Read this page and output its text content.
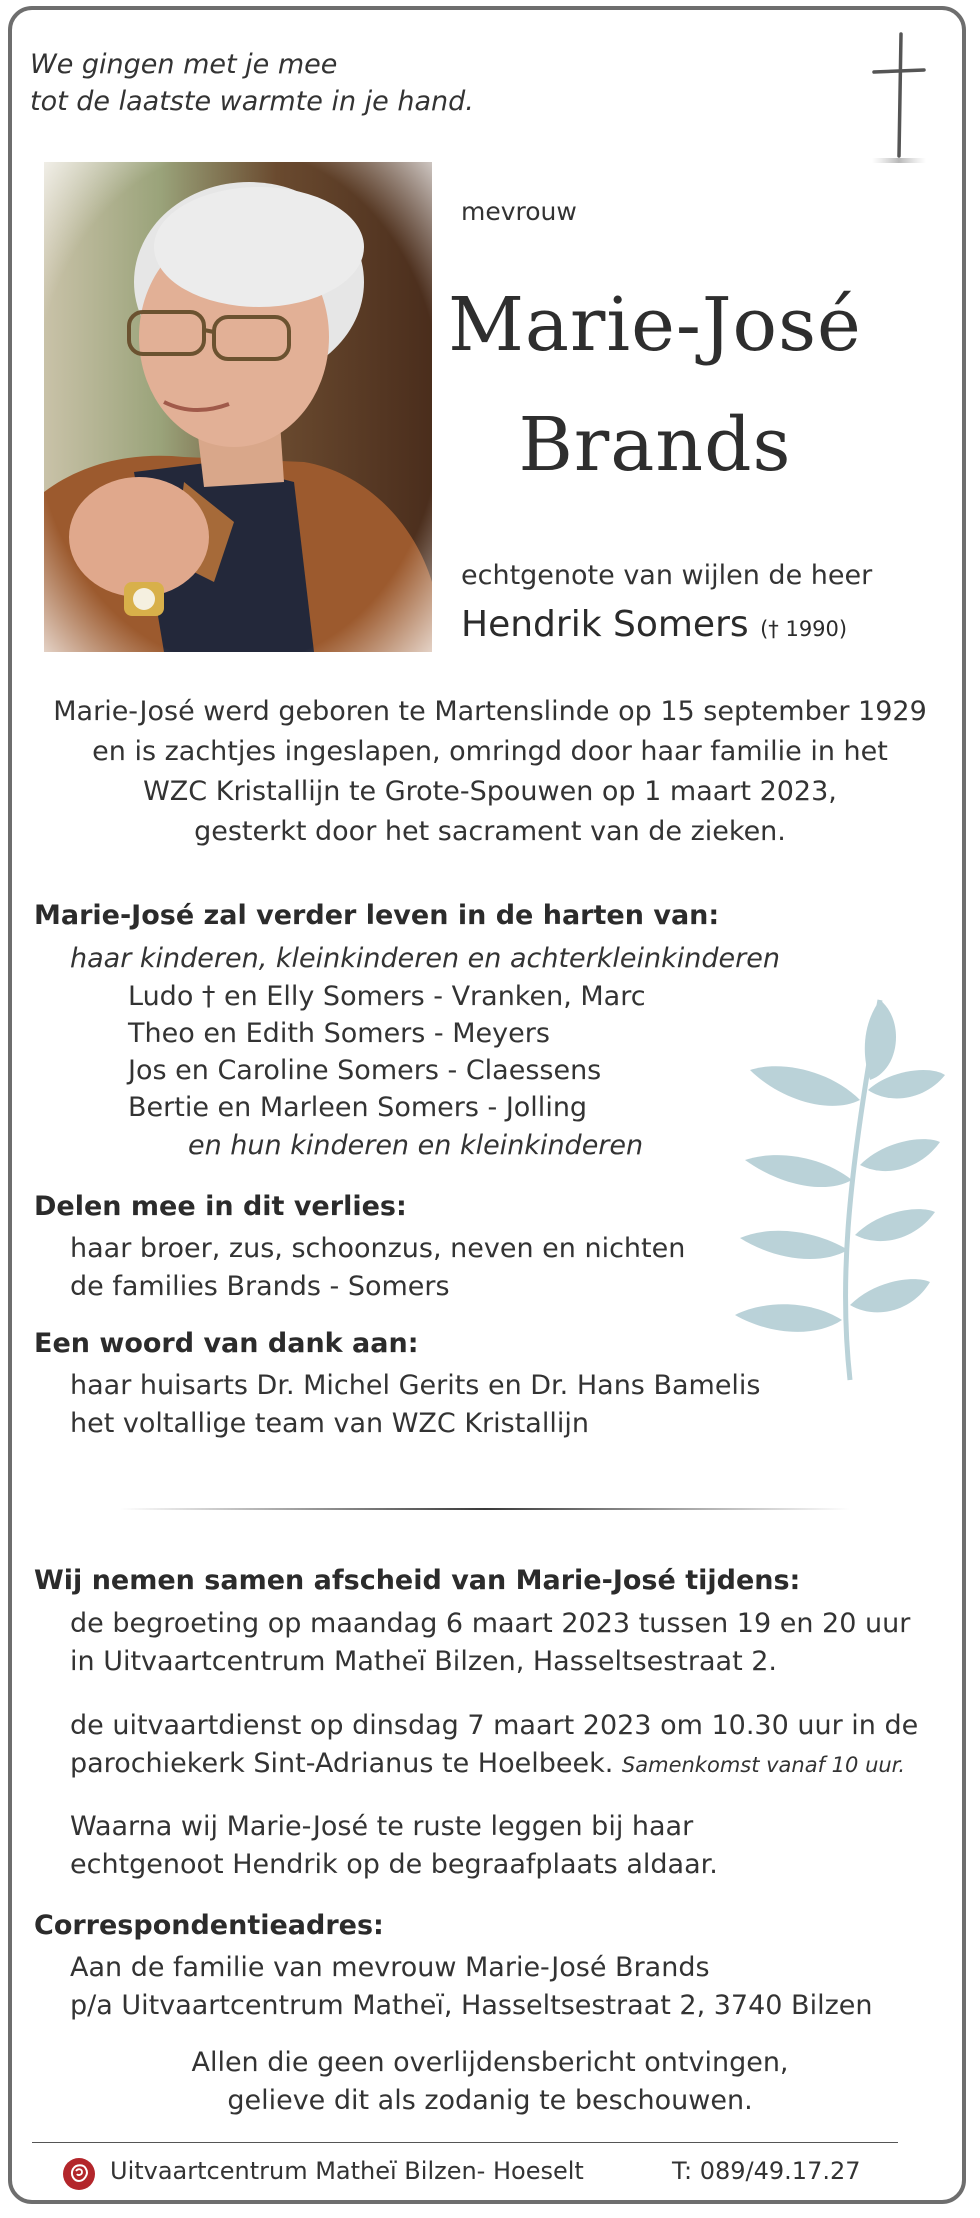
We gingen met je mee
tot de laatste warmte in je hand.
mevrouw
Marie-José
Brands
echtgenote van wijlen de heer
Hendrik Somers († 1990)
Marie-José werd geboren te Martenslinde op 15 september 1929
en is zachtjes ingeslapen, omringd door haar familie in het
WZC Kristallijn te Grote-Spouwen op 1 maart 2023,
gesterkt door het sacrament van de zieken.
Marie-José zal verder leven in de harten van:
haar kinderen, kleinkinderen en achterkleinkinderen
Ludo † en Elly Somers - Vranken, Marc
Theo en Edith Somers - Meyers
Jos en Caroline Somers - Claessens
Bertie en Marleen Somers - Jolling
en hun kinderen en kleinkinderen
Delen mee in dit verlies:
haar broer, zus, schoonzus, neven en nichten
de families Brands - Somers
Een woord van dank aan:
haar huisarts Dr. Michel Gerits en Dr. Hans Bamelis
het voltallige team van WZC Kristallijn
Wij nemen samen afscheid van Marie-José tijdens:
de begroeting op maandag 6 maart 2023 tussen 19 en 20 uur
in Uitvaartcentrum Matheï Bilzen, Hasseltsestraat 2.
de uitvaartdienst op dinsdag 7 maart 2023 om 10.30 uur in de
parochiekerk Sint-Adrianus te Hoelbeek. Samenkomst vanaf 10 uur.
Waarna wij Marie-José te ruste leggen bij haar
echtgenoot Hendrik op de begraafplaats aldaar.
Correspondentieadres:
Aan de familie van mevrouw Marie-José Brands
p/a Uitvaartcentrum Matheï, Hasseltsestraat 2, 3740 Bilzen
Allen die geen overlijdensbericht ontvingen,
gelieve dit als zodanig te beschouwen.
Uitvaartcentrum Matheï Bilzen- Hoeselt	T: 089/49.17.27
